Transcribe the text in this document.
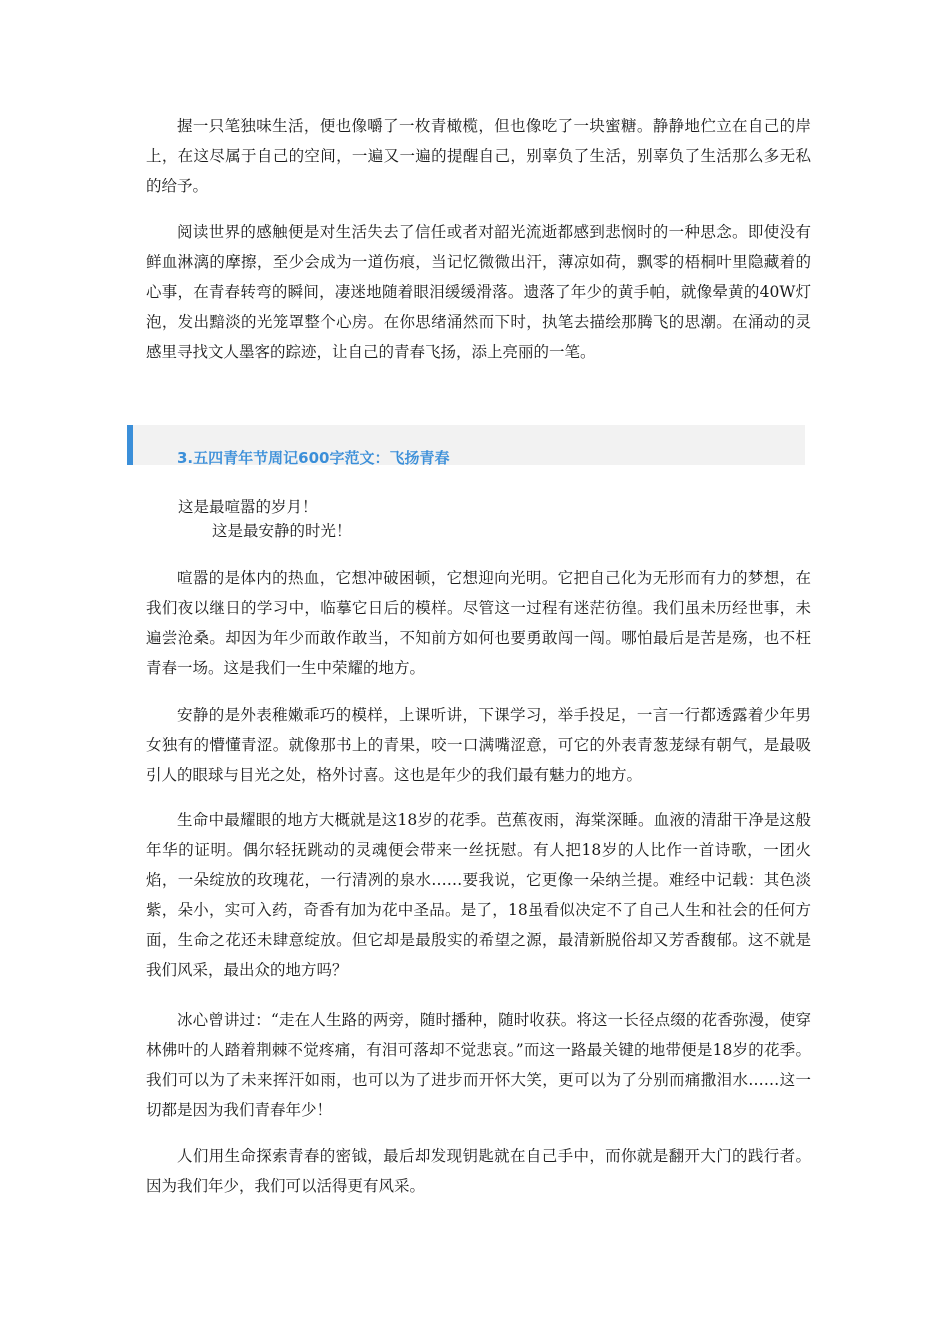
握一只笔独味生活，便也像嚼了一枚青橄榄，但也像吃了一块蜜糖。静静地伫立在自己的岸上，在这尽属于自己的空间，一遍又一遍的提醒自己，别辜负了生活，别辜负了生活那么多无私的给予。

阅读世界的感触便是对生活失去了信任或者对韶光流逝都感到悲悯时的一种思念。即使没有鲜血淋漓的摩擦，至少会成为一道伤痕，当记忆微微出汗，薄凉如荷，飘零的梧桐叶里隐藏着的心事，在青春转弯的瞬间，凄迷地随着眼泪缓缓滑落。遗落了年少的黄手帕，就像晕黄的40W灯泡，发出黯淡的光笼罩整个心房。在你思绪涌然而下时，执笔去描绘那腾飞的思潮。在涌动的灵感里寻找文人墨客的踪迹，让自己的青春飞扬，添上亮丽的一笔。

3.五四青年节周记600字范文：飞扬青春

这是最喧嚣的岁月！

这是最安静的时光！

喧嚣的是体内的热血，它想冲破困顿，它想迎向光明。它把自己化为无形而有力的梦想，在我们夜以继日的学习中，临摹它日后的模样。尽管这一过程有迷茫彷徨。我们虽未历经世事，未遍尝沧桑。却因为年少而敢作敢当，不知前方如何也要勇敢闯一闯。哪怕最后是苦是殇，也不枉青春一场。这是我们一生中荣耀的地方。

安静的是外表稚嫩乖巧的模样，上课听讲，下课学习，举手投足，一言一行都透露着少年男女独有的懵懂青涩。就像那书上的青果，咬一口满嘴涩意，可它的外表青葱茏绿有朝气，是最吸引人的眼球与目光之处，格外讨喜。这也是年少的我们最有魅力的地方。

生命中最耀眼的地方大概就是这18岁的花季。芭蕉夜雨，海棠深睡。血液的清甜干净是这般年华的证明。偶尔轻抚跳动的灵魂便会带来一丝抚慰。有人把18岁的人比作一首诗歌，一团火焰，一朵绽放的玫瑰花，一行清冽的泉水……要我说，它更像一朵纳兰提。难经中记载：其色淡紫，朵小，实可入药，奇香有加为花中圣品。是了，18虽看似决定不了自己人生和社会的任何方面，生命之花还未肆意绽放。但它却是最殷实的希望之源，最清新脱俗却又芳香馥郁。这不就是我们风采，最出众的地方吗？

冰心曾讲过：“走在人生路的两旁，随时播种，随时收获。将这一长径点缀的花香弥漫，使穿林佛叶的人踏着荆棘不觉疼痛，有泪可落却不觉悲哀。”而这一路最关键的地带便是18岁的花季。我们可以为了未来挥汗如雨，也可以为了进步而开怀大笑，更可以为了分别而痛撒泪水……这一切都是因为我们青春年少！

人们用生命探索青春的密钺，最后却发现钥匙就在自己手中，而你就是翻开大门的践行者。因为我们年少，我们可以活得更有风采。
